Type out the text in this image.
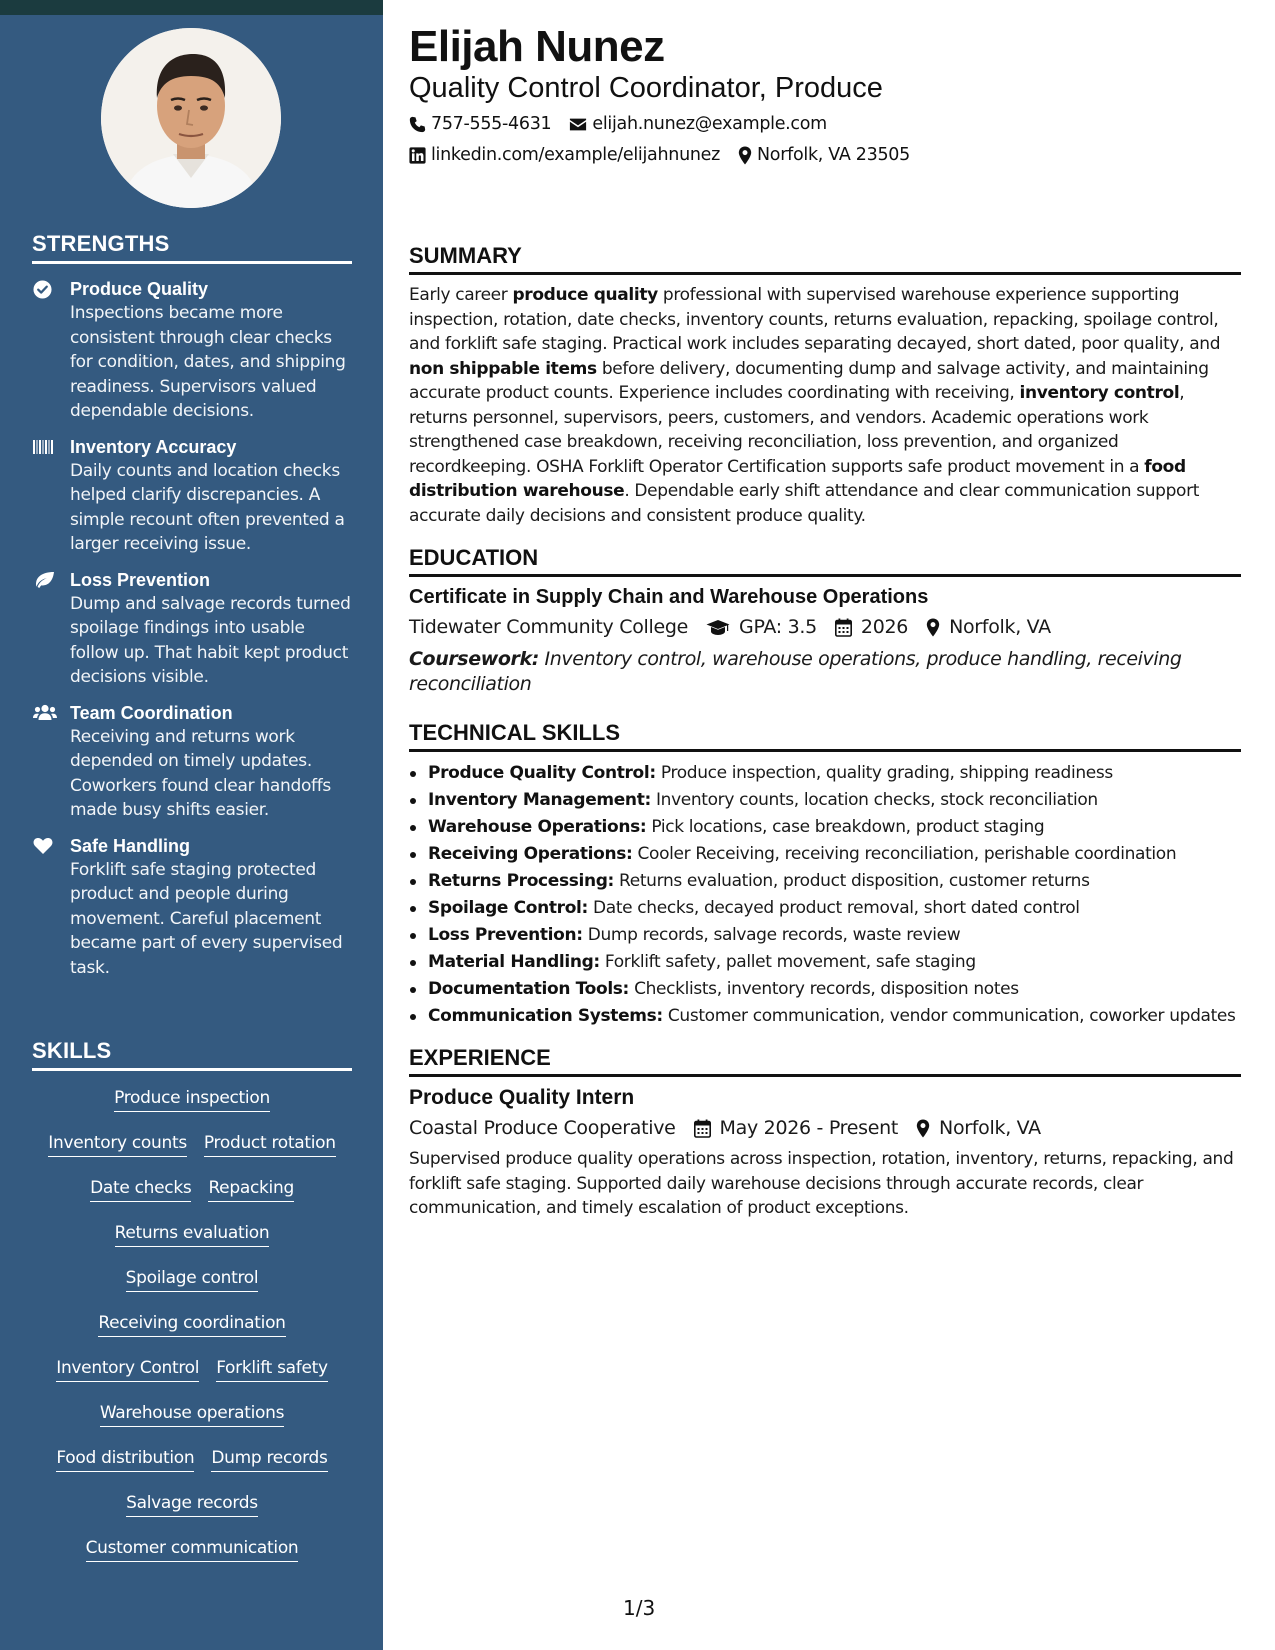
STRENGTHS
Produce Quality
Inspections became more consistent through clear checks for condition, dates, and shipping readiness. Supervisors valued dependable decisions.
Inventory Accuracy
Daily counts and location checks helped clarify discrepancies. A simple recount often prevented a larger receiving issue.
Loss Prevention
Dump and salvage records turned spoilage findings into usable follow up. That habit kept product decisions visible.
Team Coordination
Receiving and returns work depended on timely updates. Coworkers found clear handoffs made busy shifts easier.
Safe Handling
Forklift safe staging protected product and people during movement. Careful placement became part of every supervised task.
SKILLS
Produce inspection
Inventory counts Product rotation
Date checks Repacking
Returns evaluation
Spoilage control
Receiving coordination
Inventory Control Forklift safety
Warehouse operations
Food distribution Dump records
Salvage records
Customer communication
Elijah Nunez
Quality Control Coordinator, Produce
757-555-4631 elijah.nunez@example.com
linkedin.com/example/elijahnunez Norfolk, VA 23505
SUMMARY
Early career produce quality professional with supervised warehouse experience supporting inspection, rotation, date checks, inventory counts, returns evaluation, repacking, spoilage control, and forklift safe staging. Practical work includes separating decayed, short dated, poor quality, and non shippable items before delivery, documenting dump and salvage activity, and maintaining accurate product counts. Experience includes coordinating with receiving, inventory control, returns personnel, supervisors, peers, customers, and vendors. Academic operations work strengthened case breakdown, receiving reconciliation, loss prevention, and organized recordkeeping. OSHA Forklift Operator Certification supports safe product movement in a food distribution warehouse. Dependable early shift attendance and clear communication support accurate daily decisions and consistent produce quality.
EDUCATION
Certificate in Supply Chain and Warehouse Operations
Tidewater Community College	GPA: 3.5 2026 Norfolk, VA
Coursework: Inventory control, warehouse operations, produce handling, receiving reconciliation
TECHNICAL SKILLS
Produce Quality Control: Produce inspection, quality grading, shipping readiness
Inventory Management: Inventory counts, location checks, stock reconciliation
Warehouse Operations: Pick locations, case breakdown, product staging
Receiving Operations: Cooler Receiving, receiving reconciliation, perishable coordination
Returns Processing: Returns evaluation, product disposition, customer returns
Spoilage Control: Date checks, decayed product removal, short dated control
Loss Prevention: Dump records, salvage records, waste review
Material Handling: Forklift safety, pallet movement, safe staging
Documentation Tools: Checklists, inventory records, disposition notes
Communication Systems: Customer communication, vendor communication, coworker updates
EXPERIENCE
Produce Quality Intern
Coastal Produce Cooperative May 2026 - Present Norfolk, VA
Supervised produce quality operations across inspection, rotation, inventory, returns, repacking, and forklift safe staging. Supported daily warehouse decisions through accurate records, clear communication, and timely escalation of product exceptions.
1/3
